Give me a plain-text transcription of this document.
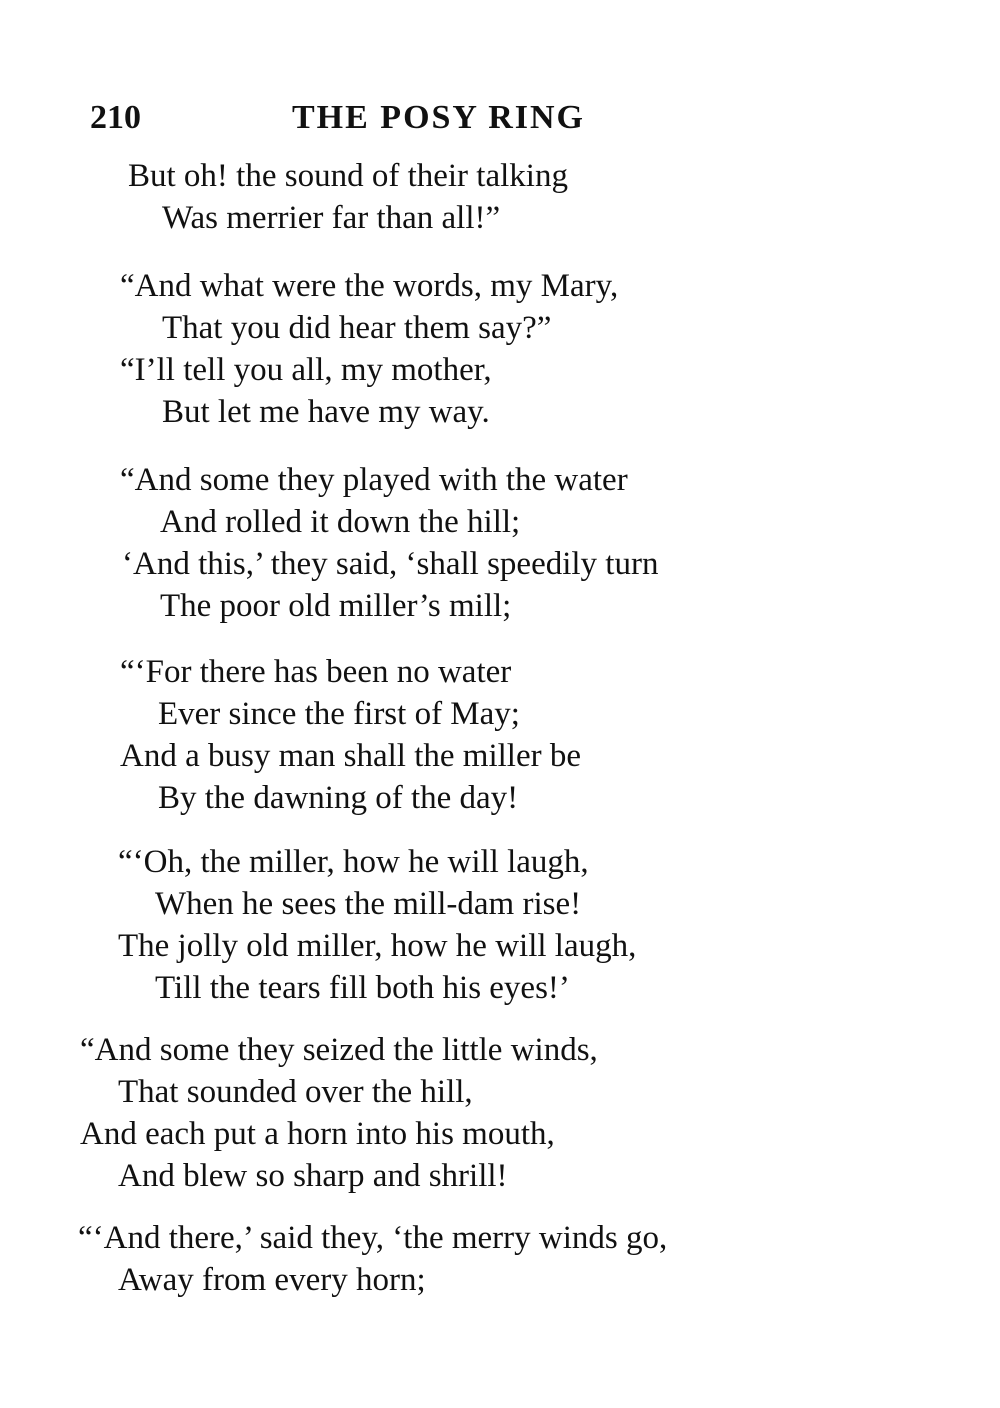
210	THE POSY RING
But oh! the sound of their talking
Was merrier far than all!”
“And what were the words, my Mary,
That you did hear them say?”
“I’ll tell you all, my mother,
But let me have my way.
“And some they played with the water
And rolled it down the hill;
‘And this,’ they said, ‘shall speedily turn
The poor old miller’s mill;
“‘For there has been no water
Ever since the first of May;
And a busy man shall the miller be
By the dawning of the day!
“‘Oh, the miller, how he will laugh,
When he sees the mill-dam rise!
The jolly old miller, how he will laugh,
Till the tears fill both his eyes!’
“And some they seized the little winds,
That sounded over the hill,
And each put a horn into his mouth,
And blew so sharp and shrill!
“‘And there,’ said they, ‘the merry winds go,
Away from every horn;
